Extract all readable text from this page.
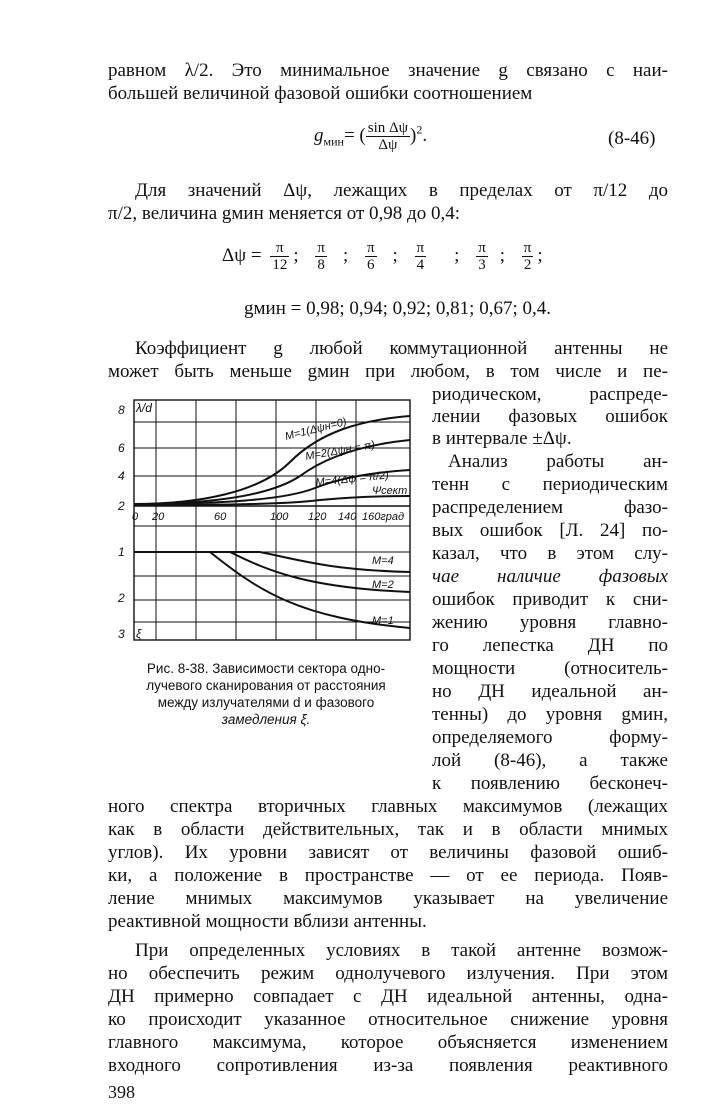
равном λ/2. Это минимальное значение g связано с наи-
большей величиной фазовой ошибки соотношением
$g_{мин}=$ ( $\frac{\text{sin Δψ}}{\Delta\psi} )^2$.	(8-46)
Для значений Δψ, лежащих в пределах от π/12 до
π/2, величина gмин меняется от 0,98 до 0,4:
$\Delta\psi = \frac{\pi}{12}$ ; $\frac{\pi}{8}$ ; $\frac{\pi}{6}$ ; $\frac{\pi}{4}$ ; $\frac{\pi}{3}$ ; $\frac{\pi}{2}$ ;
gмин = 0,98; 0,94; 0,92; 0,81; 0,67; 0,4.
Коэффициент g любой коммутационной антенны не
может быть меньше gмин при любом, в том числе и пе-
риодическом, распреде-
лении фазовых ошибок
в интервале ±Δψ.
Анализ работы ан-
тенн с периодическим
распределением фазо-
вых ошибок [Л. 24] по-
казал, что в этом слу-
чае наличие фазовых
ошибок приводит к сни-
жению уровня главно-
го лепестка ДН по
мощности (относитель-
но ДН идеальной ан-
тенны) до уровня gмин,
определяемого форму-
лой (8-46), а также
к появлению бесконеч-
ного спектра вторичных главных максимумов (лежащих
как в области действительных, так и в области мнимых
углов). Их уровни зависят от величины фазовой ошиб-
ки, а положение в пространстве — от ее периода. Появ-
ление мнимых максимумов указывает на увеличение
реактивной мощности вблизи антенны.
При определенных условиях в такой антенне возмож-
но обеспечить режим однолучевого излучения. При этом
ДН примерно совпадает с ДН идеальной антенны, одна-
ко происходит указанное относительное снижение уровня
главного максимума, которое объясняется изменением
входного сопротивления из-за появления реактивного
λ/d
ξ
8
6
4
2
1
2
3
0 20	60	100 120 140 160град
M=1(Δψн=0)
M=2(Δψн = π)
M=4(Δψ = π/2)
Ψсект
M=4
M=2
M=1
Рис. 8-38. Зависимости сектора одно-
лучевого сканирования от расстояния
между излучателями d и фазового
замедления ξ.
398
